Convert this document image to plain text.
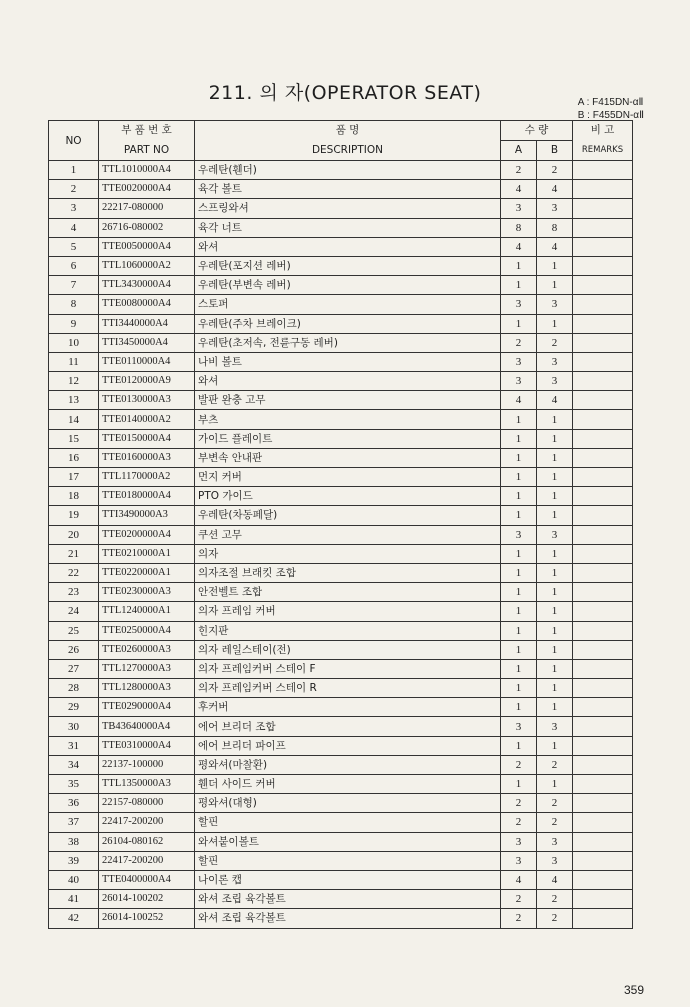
211. 의 자(OPERATOR SEAT)	A : F415DN-αⅡ
B : F455DN-αⅡ
NO	부 품 번 호	품 명	수 량		비 고
	PART NO	DESCRIPTION	A	B	REMARKS
1	TTL1010000A4	우레탄(휀더)	2	2	
2	TTE0020000A4	육각 볼트	4	4	
3	22217-080000	스프링와셔	3	3	
4	26716-080002	육각 너트	8	8	
5	TTE0050000A4	와셔	4	4	
6	TTL1060000A2	우레탄(포지션 레버)	1	1	
7	TTL3430000A4	우레탄(부변속 레버)	1	1	
8	TTE0080000A4	스토퍼	3	3	
9	TTI3440000A4	우레탄(주차 브레이크)	1	1	
10	TTI3450000A4	우레탄(초저속, 전륜구동 레버)	2	2	
11	TTE0110000A4	나비 볼트	3	3	
12	TTE0120000A9	와셔	3	3	
13	TTE0130000A3	발판 완충 고무	4	4	
14	TTE0140000A2	부츠	1	1	
15	TTE0150000A4	가이드 플레이트	1	1	
16	TTE0160000A3	부변속 안내판	1	1	
17	TTL1170000A2	먼지 커버	1	1	
18	TTE0180000A4	PTO 가이드	1	1	
19	TTI3490000A3	우레탄(차동페달)	1	1	
20	TTE0200000A4	쿠션 고무	3	3	
21	TTE0210000A1	의자	1	1	
22	TTE0220000A1	의자조절 브래킷 조합	1	1	
23	TTE0230000A3	안전벨트 조합	1	1	
24	TTL1240000A1	의자 프레임 커버	1	1	
25	TTE0250000A4	힌지판	1	1	
26	TTE0260000A3	의자 레일스테이(전)	1	1	
27	TTL1270000A3	의자 프레임커버 스테이 F	1	1	
28	TTL1280000A3	의자 프레임커버 스테이 R	1	1	
29	TTE0290000A4	후커버	1	1	
30	TB43640000A4	에어 브리더 조합	3	3	
31	TTE0310000A4	에어 브리더 파이프	1	1	
34	22137-100000	평와셔(마찰환)	2	2	
35	TTL1350000A3	휀더 사이드 커버	1	1	
36	22157-080000	평와셔(대형)	2	2	
37	22417-200200	할핀	2	2	
38	26104-080162	와셔붙이볼트	3	3	
39	22417-200200	할핀	3	3	
40	TTE0400000A4	나이론 캡	4	4	
41	26014-100202	와셔 조립 육각볼트	2	2	
42	26014-100252	와셔 조립 육각볼트	2	2	
359
